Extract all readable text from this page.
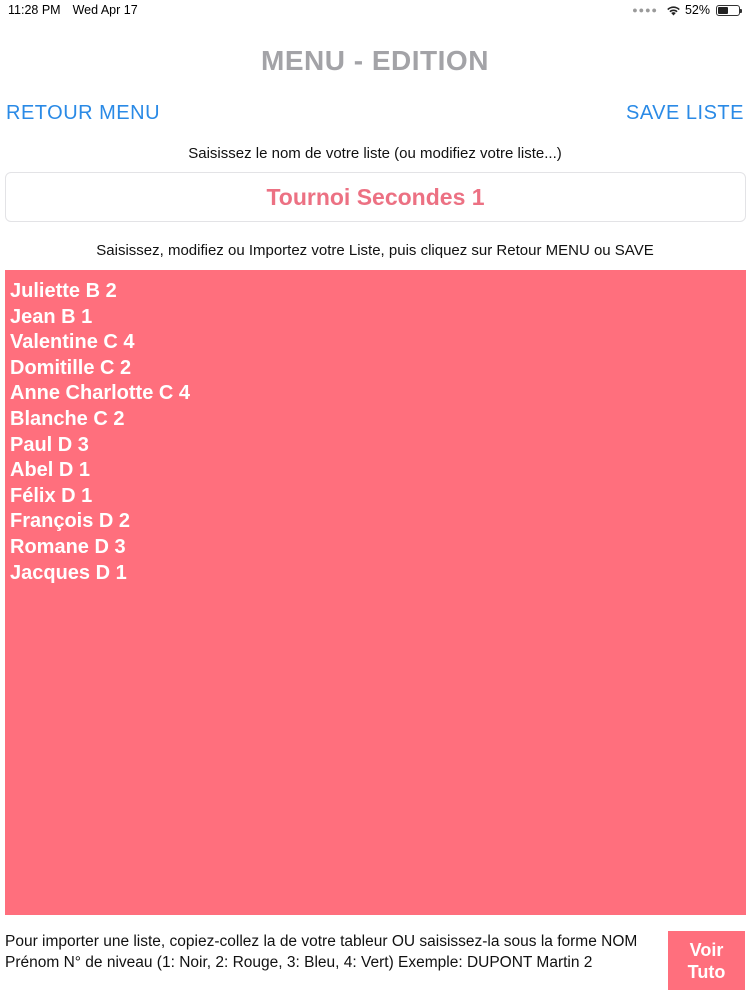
11:28 PM Wed Apr 17	●●●● 52%
MENU - EDITION
RETOUR MENU	SAVE LISTE
Saisissez le nom de votre liste (ou modifiez votre liste...)
Tournoi Secondes 1
Saisissez, modifiez ou Importez votre Liste, puis cliquez sur Retour MENU ou SAVE
Juliette B 2
Jean B 1
Valentine C 4
Domitille C 2
Anne Charlotte C 4
Blanche C 2
Paul D 3
Abel D 1
Félix D 1
François D 2
Romane D 3
Jacques D 1
Pour importer une liste, copiez-collez la de votre tableur OU saisissez-la sous la forme NOM Prénom N° de niveau (1: Noir, 2: Rouge, 3: Bleu, 4: Vert) Exemple: DUPONT Martin 2
Voir
Tuto
